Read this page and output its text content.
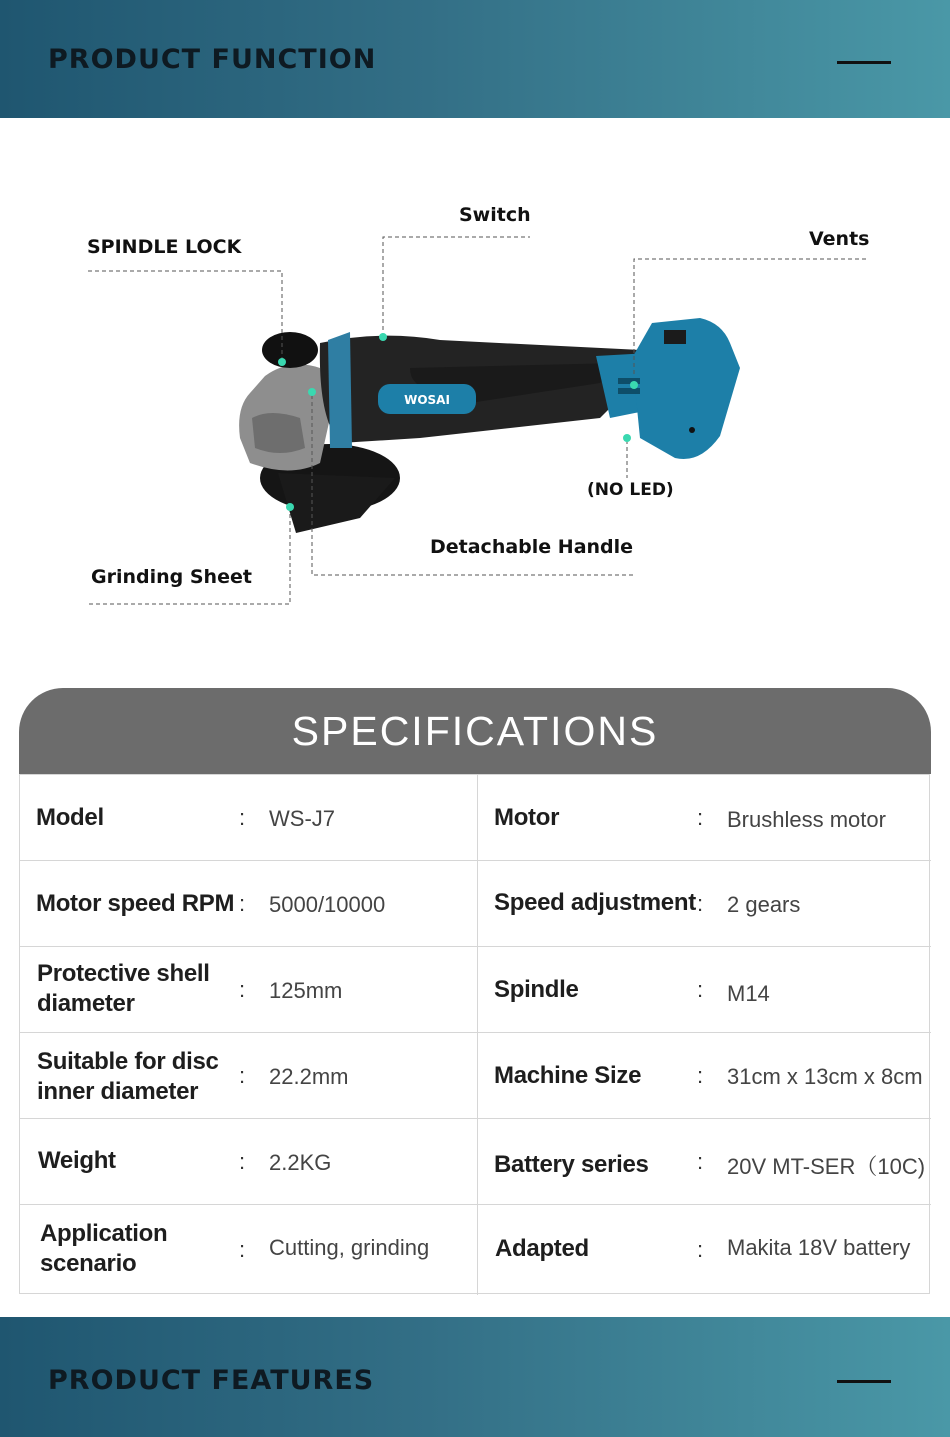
PRODUCT FUNCTION
WOSAI
Switch
SPINDLE LOCK	Vents
(NO LED)
Detachable Handle
Grinding Sheet
SPECIFICATIONS
Model	: WS-J7	Motor	: Brushless motor
Motor speed RPM : 5000/10000	Speed adjustment : 2 gears
Protective shell diameter
: 125mm	Spindle	: M14
Suitable for disc inner diameter
: 22.2mm	Machine Size	: 31cm x 13cm x 8cm
Weight	: 2.2KG	Battery series	: 20V MT-SER（10C)
Application scenario
: Cutting, grinding	Adapted	: Makita 18V battery
PRODUCT FEATURES
